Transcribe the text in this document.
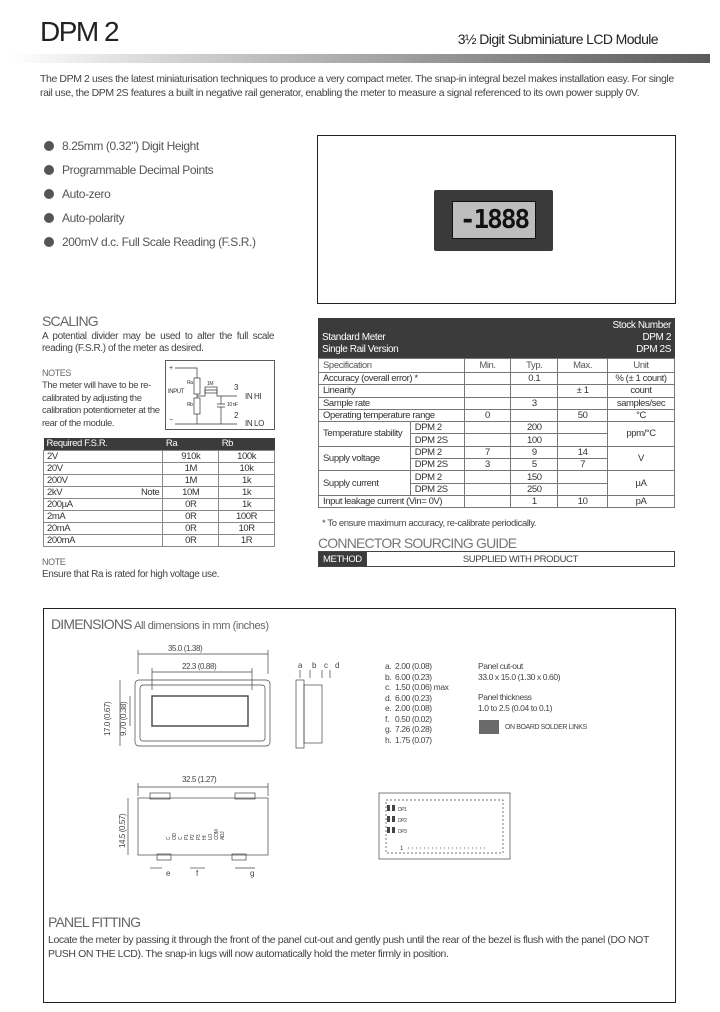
DPM 2	3½ Digit Subminiature LCD Module

The DPM 2 uses the latest miniaturisation techniques to produce a very compact meter. The snap-in integral bezel makes installation easy. For single rail use, the DPM 2S features a built in negative rail generator, enabling the meter to measure a signal referenced to its own power supply 0V.

8.25mm (0.32") Digit Height
Programmable Decimal Points
Auto-zero
Auto-polarity
200mV d.c. Full Scale Reading (F.S.R.)
-1888
SCALING

A potential divider may be used to alter the full scale reading (F.S.R.) of the meter as desired.

NOTES

The meter will have to be re-calibrated by adjusting the calibration potentiometer at the rear of the module.

+
INPUT
−
Ra
Rb
1M
10 nF
3
2
IN HI
IN LO
Required F.S.R.	Ra	Rb

2V	910k	100k

20V	1M	10k

200V	1M	1k

2kV Note	10M	1k

200µA	0R	1k

2mA	0R	100R

20mA	0R	10R

200mA	0R	1R
NOTE
Ensure that Ra is rated for high voltage use.
Stock Number
Standard Meter	DPM 2
Single Rail Version	DPM 2S
Specification		Min.	Typ.	Max.	Unit
Accuracy (overall error) *			0.1		% (± 1 count)
Linearity				± 1	count
Sample rate			3		samples/sec
Operating temperature range		0		50	°C
Temperature stability	DPM 2		200		ppm/°C
	DPM 2S		100		
Supply voltage	DPM 2	7	9	14	V
	DPM 2S	3	5	7	
Supply current	DPM 2		150		µA
	DPM 2S		250		
Input leakage current (Vin= 0V)			1	10	pA
* To ensure maximum accuracy, re-calibrate periodically.
CONNECTOR SOURCING GUIDE
METHOD	SUPPLIED WITH PRODUCT
DIMENSIONS All dimensions in mm (inches)
35.0 (1.38)
22.3 (0.88)
17.0 (0.67) 9.70 (0.38)
a b c d
32.5 (1.27)
14.5 (0.57)	C OD C P1 P2 P3 HI LO COM ADJ
e	f	g
DP1
DP2
DP3
1
a. 2.00 (0.08)
b. 6.00 (0.23)
c. 1.50 (0.06) max
d. 6.00 (0.23)
e. 2.00 (0.08)
f. 0.50 (0.02)
g. 7.26 (0.28)
h. 1.75 (0.07)
Panel cut-out
33.0 x 15.0 (1.30 x 0.60)
Panel thickness
1.0 to 2.5 (0.04 to 0.1)
ON BOARD SOLDER LINKS
PANEL FITTING

Locate the meter by passing it through the front of the panel cut-out and gently push until the rear of the bezel is flush with the panel (DO NOT PUSH ON THE LCD). The snap-in lugs will now automatically hold the meter firmly in position.
